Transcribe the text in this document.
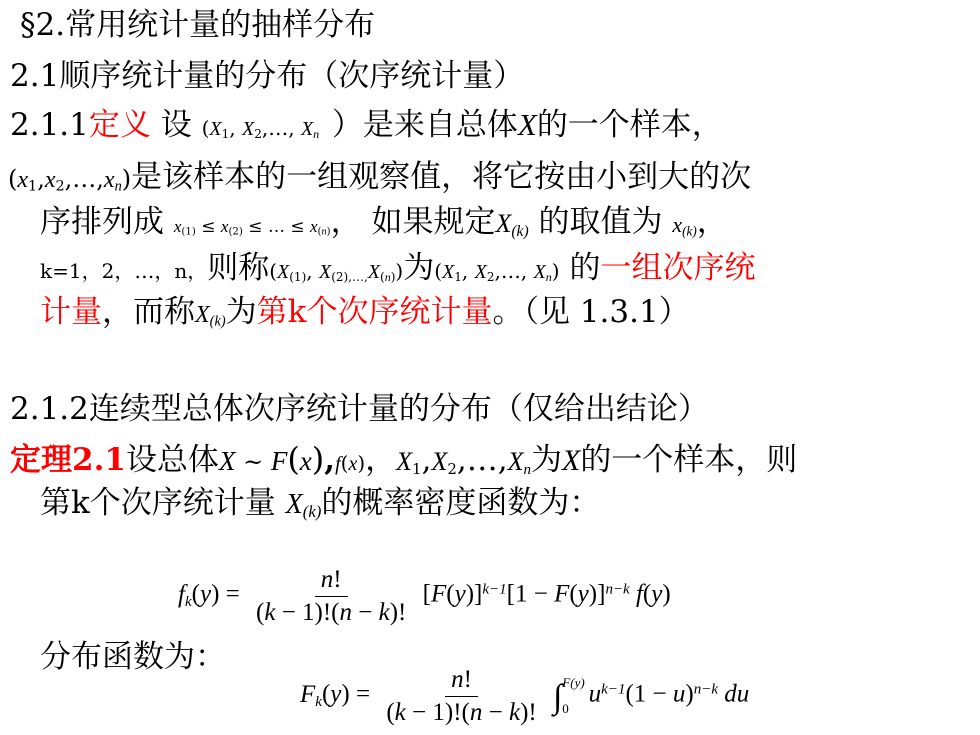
§2.常用统计量的抽样分布
2.1顺序统计量的分布（次序统计量）
2.1.1定义 设 ($X_1$, $X_2,\dots$, $X_n$ ）是来自总体X的一个样本，
$(x_1,x_2,\dots,x_n)$是该样本的一组观察值，将它按由小到大的次
序排列成 $x_{(1)} \le x_{(2)}$ ≤ … ≤ $x_{(n)}$， 如果规定$X_{(k)}$ 的取值为 $x_{(k)}$，
k=1，2，…，n，则称($X_{(1)}$, $X_{(2),\dots,}X_{(n)}$)为($X_1$, $X_2,\dots$, $X_n$) 的一组次序统
计量，而称$X_{(k)}$为第k个次序统计量。（见 1.3.1）
2.1.2连续型总体次序统计量的分布（仅给出结论）
定理2.1设总体X ~ F(x),f(x)，$X_1,X_2,\dots,X_n$为X的一个样本，则
第k个次序统计量 $X_{(k)}$的概率密度函数为：
$f_k(y) = \frac{n!}{(k - 1)!(n - k)!} [F(y)]^{k-1}[1 - F(y)]^{n-k}$ f(y)
分布函数为：
$F_k(y) = \frac{n!}{(k - 1)!(n - k)!}$ ∫ F(y)
0
$u^{k-1}(1 - u)^{n-k}$ du
